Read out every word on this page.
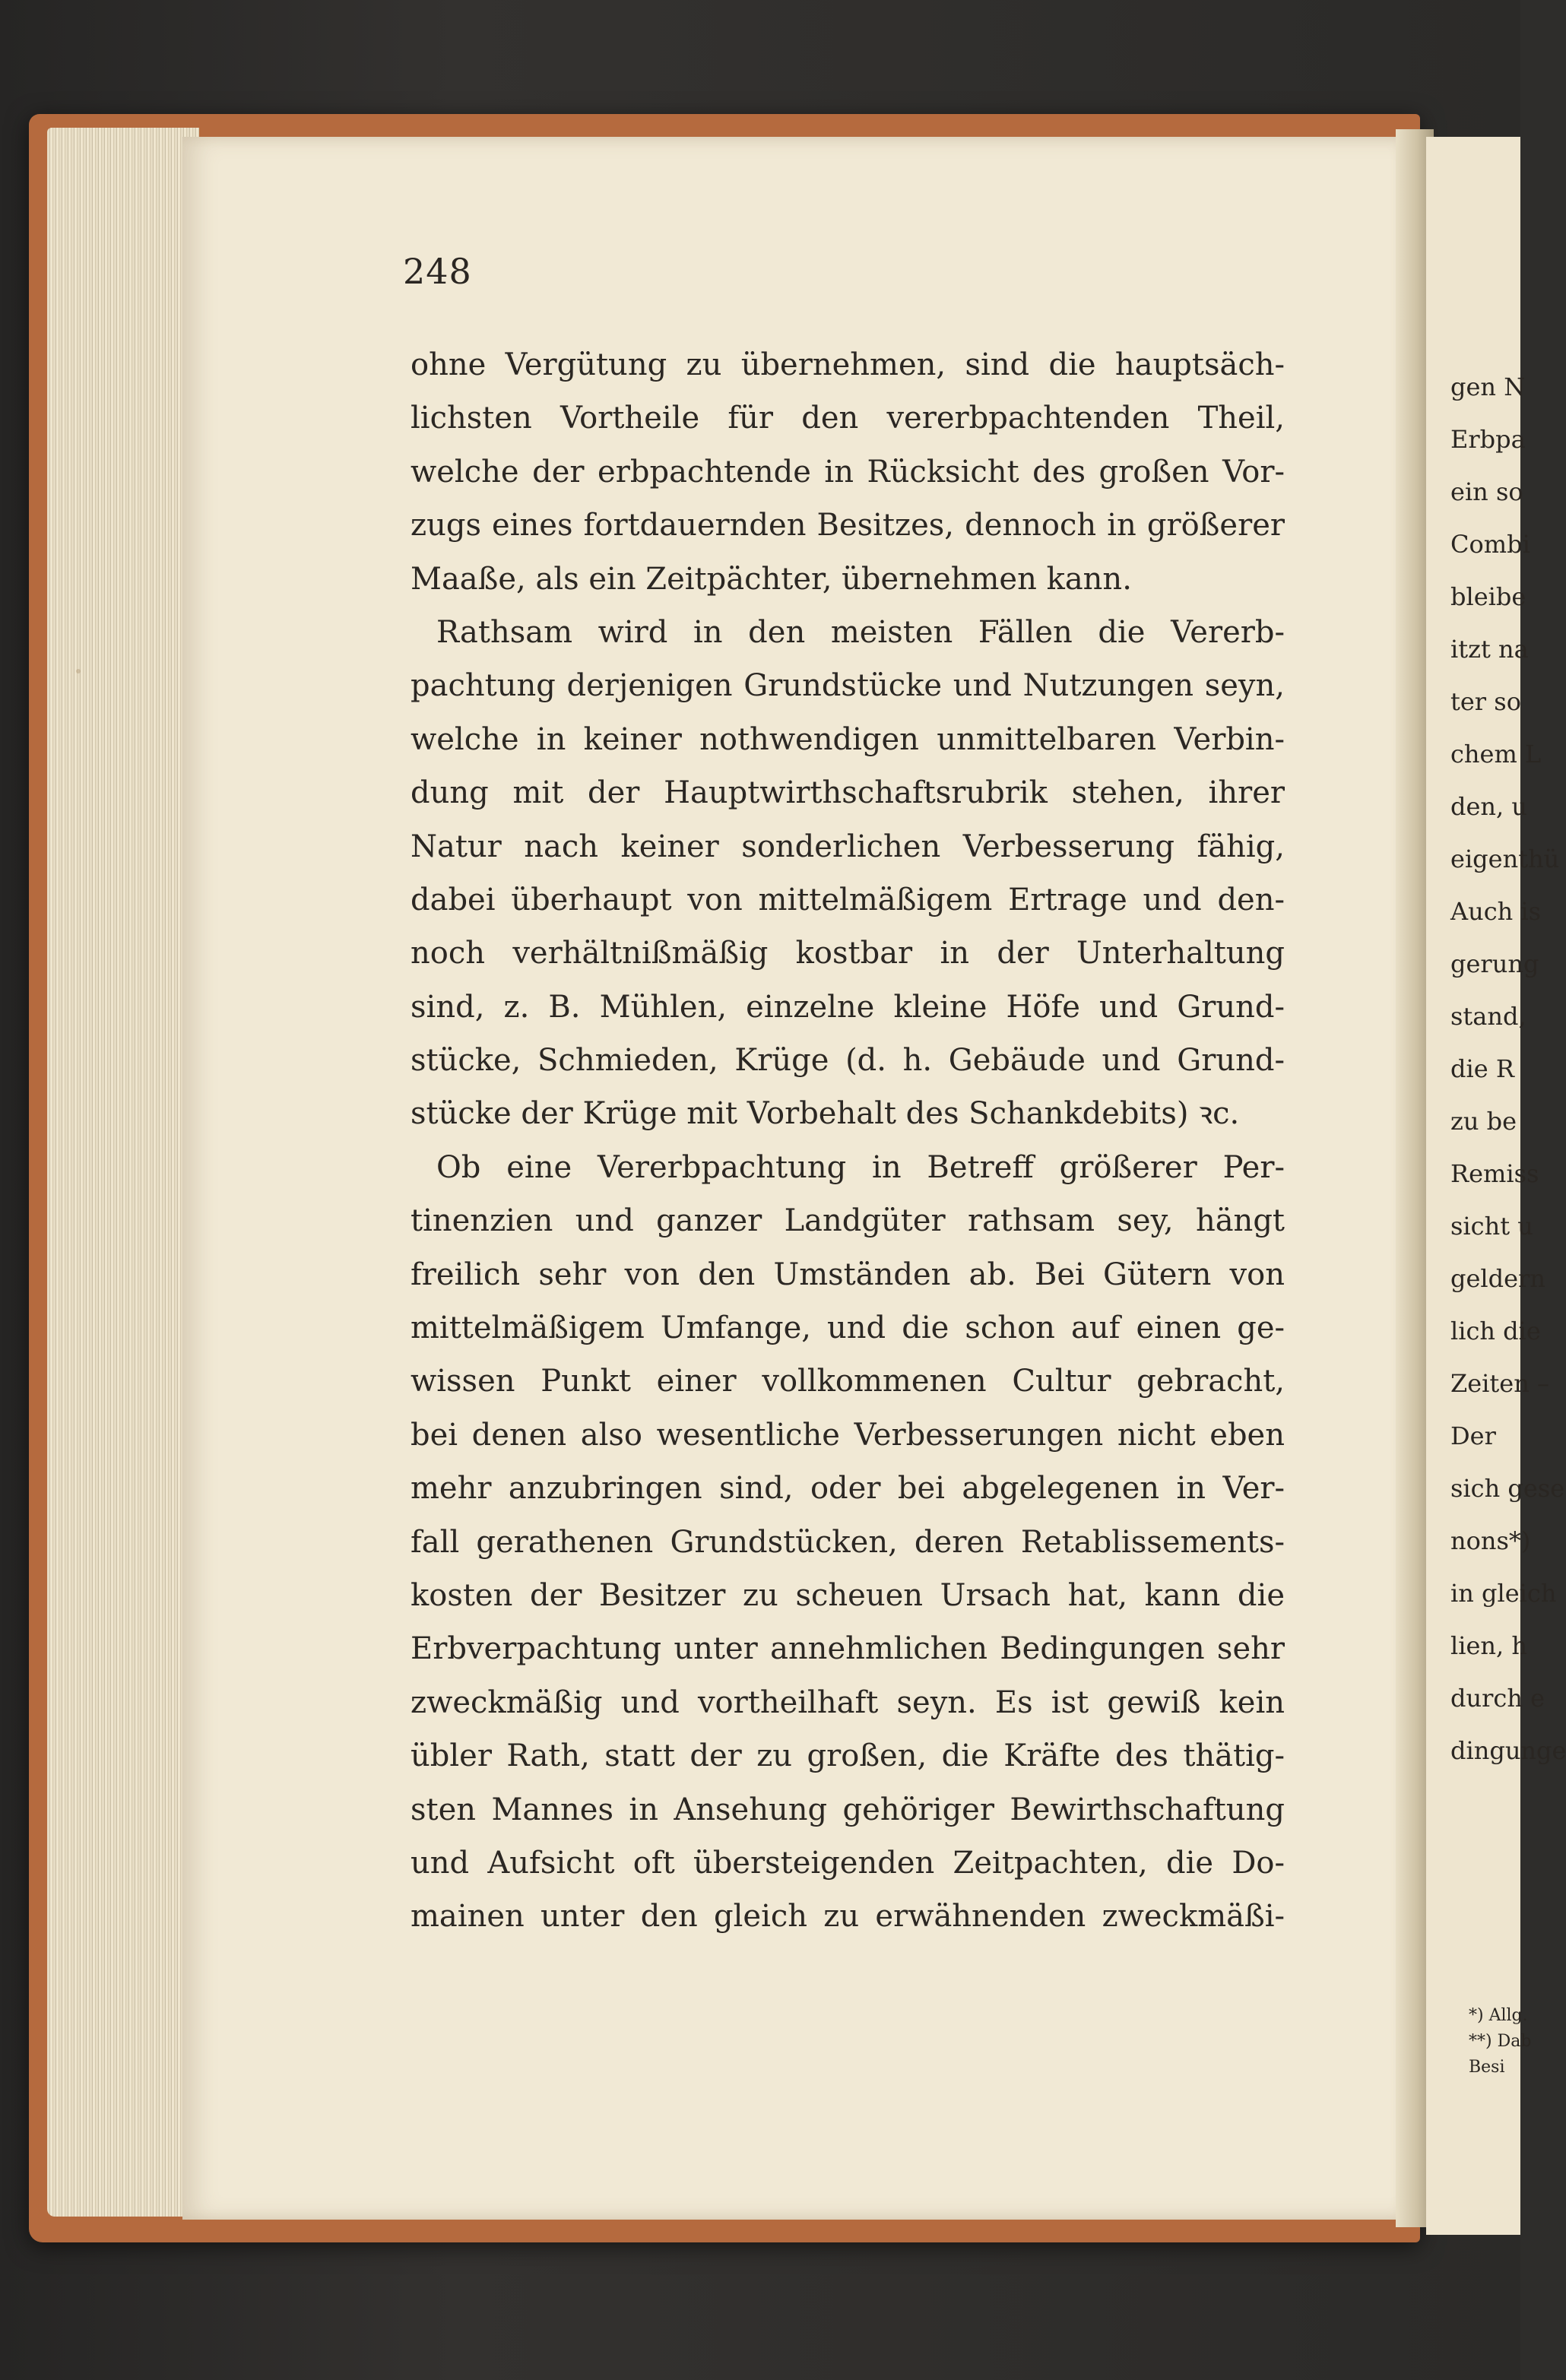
gen N
Erbpa
ein so
Combi
bleibe
itzt na
ter so
chem L
den, u
eigenthü
Auch is
gerung
stand,
die R
zu be
Remiss
sicht u
geldern
lich die
Zeiten –
Der
sich gese
nons*)
in gleich
lien, h
durch e
dingunge
*) Allg.
**) Dab
Besi
248
ohne Vergütung zu übernehmen, sind die hauptsäch-
lichsten Vortheile für den vererbpachtenden Theil,
welche der erbpachtende in Rücksicht des großen Vor-
zugs eines fortdauernden Besitzes, dennoch in größerer
Maaße, als ein Zeitpächter, übernehmen kann.
Rathsam wird in den meisten Fällen die Vererb-
pachtung derjenigen Grundstücke und Nutzungen seyn,
welche in keiner nothwendigen unmittelbaren Verbin-
dung mit der Hauptwirthschaftsrubrik stehen, ihrer
Natur nach keiner sonderlichen Verbesserung fähig,
dabei überhaupt von mittelmäßigem Ertrage und den-
noch verhältnißmäßig kostbar in der Unterhaltung
sind, z. B. Mühlen, einzelne kleine Höfe und Grund-
stücke, Schmieden, Krüge (d. h. Gebäude und Grund-
stücke der Krüge mit Vorbehalt des Schankdebits) ꝛc.
Ob eine Vererbpachtung in Betreff größerer Per-
tinenzien und ganzer Landgüter rathsam sey, hängt
freilich sehr von den Umständen ab. Bei Gütern von
mittelmäßigem Umfange, und die schon auf einen ge-
wissen Punkt einer vollkommenen Cultur gebracht,
bei denen also wesentliche Verbesserungen nicht eben
mehr anzubringen sind, oder bei abgelegenen in Ver-
fall gerathenen Grundstücken, deren Retablissements-
kosten der Besitzer zu scheuen Ursach hat, kann die
Erbverpachtung unter annehmlichen Bedingungen sehr
zweckmäßig und vortheilhaft seyn. Es ist gewiß kein
übler Rath, statt der zu großen, die Kräfte des thätig-
sten Mannes in Ansehung gehöriger Bewirthschaftung
und Aufsicht oft übersteigenden Zeitpachten, die Do-
mainen unter den gleich zu erwähnenden zweckmäßi-
